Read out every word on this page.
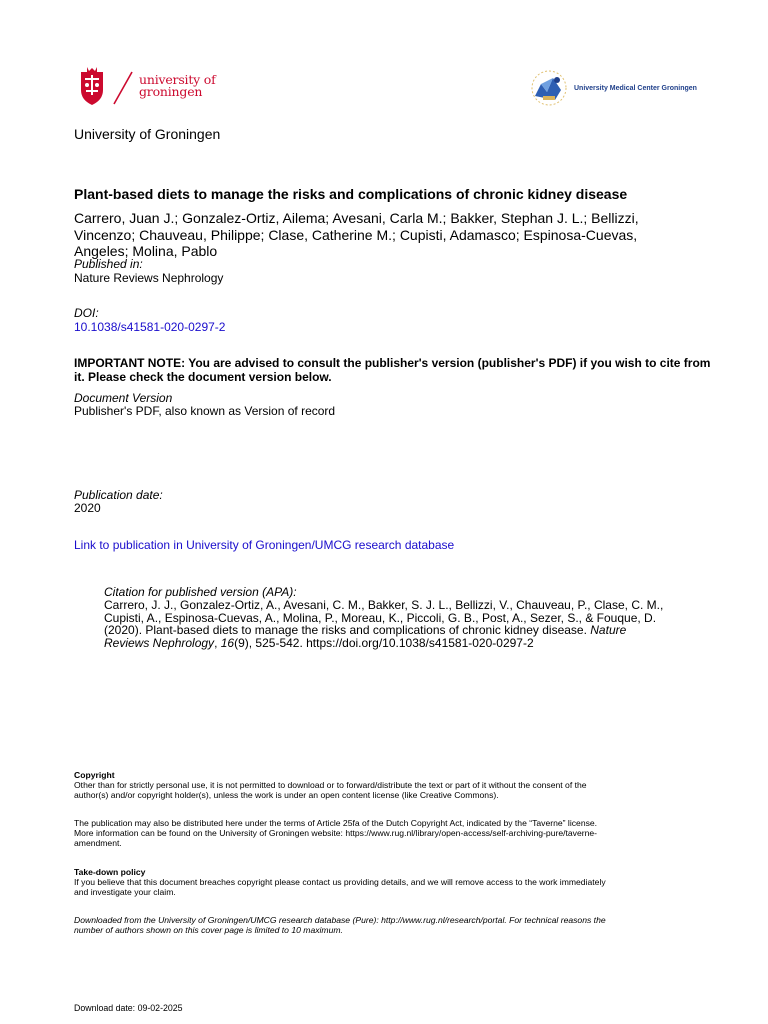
university of
groningen	University Medical Center Groningen
University of Groningen
Plant-based diets to manage the risks and complications of chronic kidney disease
Carrero, Juan J.; Gonzalez-Ortiz, Ailema; Avesani, Carla M.; Bakker, Stephan J. L.; Bellizzi,
Vincenzo; Chauveau, Philippe; Clase, Catherine M.; Cupisti, Adamasco; Espinosa-Cuevas,
Angeles; Molina, Pablo
Published in:
Nature Reviews Nephrology
DOI:
10.1038/s41581-020-0297-2
IMPORTANT NOTE: You are advised to consult the publisher's version (publisher's PDF) if you wish to cite from
it. Please check the document version below.
Document Version
Publisher's PDF, also known as Version of record
Publication date:
2020
Link to publication in University of Groningen/UMCG research database
Citation for published version (APA):
Carrero, J. J., Gonzalez-Ortiz, A., Avesani, C. M., Bakker, S. J. L., Bellizzi, V., Chauveau, P., Clase, C. M.,
Cupisti, A., Espinosa-Cuevas, A., Molina, P., Moreau, K., Piccoli, G. B., Post, A., Sezer, S., & Fouque, D.
(2020). Plant-based diets to manage the risks and complications of chronic kidney disease. Nature
Reviews Nephrology, 16(9), 525-542. https://doi.org/10.1038/s41581-020-0297-2
Copyright
Other than for strictly personal use, it is not permitted to download or to forward/distribute the text or part of it without the consent of the
author(s) and/or copyright holder(s), unless the work is under an open content license (like Creative Commons).
The publication may also be distributed here under the terms of Article 25fa of the Dutch Copyright Act, indicated by the “Taverne” license.
More information can be found on the University of Groningen website: https://www.rug.nl/library/open-access/self-archiving-pure/taverne-
amendment.
Take-down policy
If you believe that this document breaches copyright please contact us providing details, and we will remove access to the work immediately
and investigate your claim.
Downloaded from the University of Groningen/UMCG research database (Pure): http://www.rug.nl/research/portal. For technical reasons the
number of authors shown on this cover page is limited to 10 maximum.
Download date: 09-02-2025
